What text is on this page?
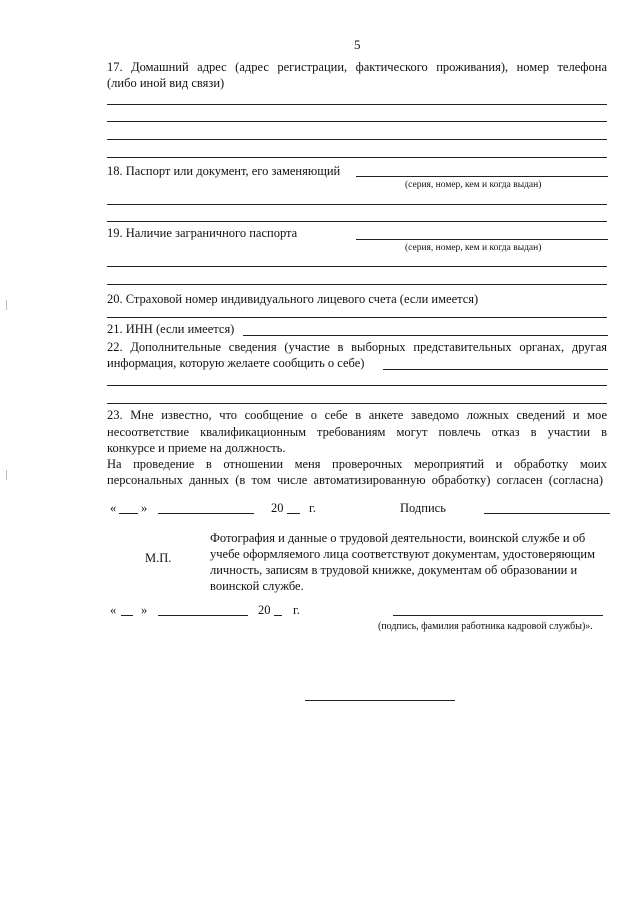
5
17. Домашний адрес (адрес регистрации, фактического проживания), номер телефона
(либо иной вид связи)
18. Паспорт или документ, его заменяющий
(серия, номер, кем и когда выдан)
19. Наличие заграничного паспорта
(серия, номер, кем и когда выдан)
20. Страховой номер индивидуального лицевого счета (если имеется)
21. ИНН (если имеется)
22. Дополнительные сведения (участие в выборных представительных органах, другая
информация, которую желаете сообщить о себе)
23. Мне известно, что сообщение о себе в анкете заведомо ложных сведений и мое
несоответствие квалификационным требованиям могут повлечь отказ в участии в
конкурсе и приеме на должность.
На проведение в отношении меня проверочных мероприятий и обработку моих
персональных данных (в том числе автоматизированную обработку) согласен (согласна)
« »	20 г.	Подпись
М.П.
Фотография и данные о трудовой деятельности, воинской службе и об
учебе оформляемого лица соответствуют документам, удостоверяющим
личность, записям в трудовой книжке, документам об образовании и
воинской службе.
« »	20 г.
(подпись, фамилия работника кадровой службы)».
